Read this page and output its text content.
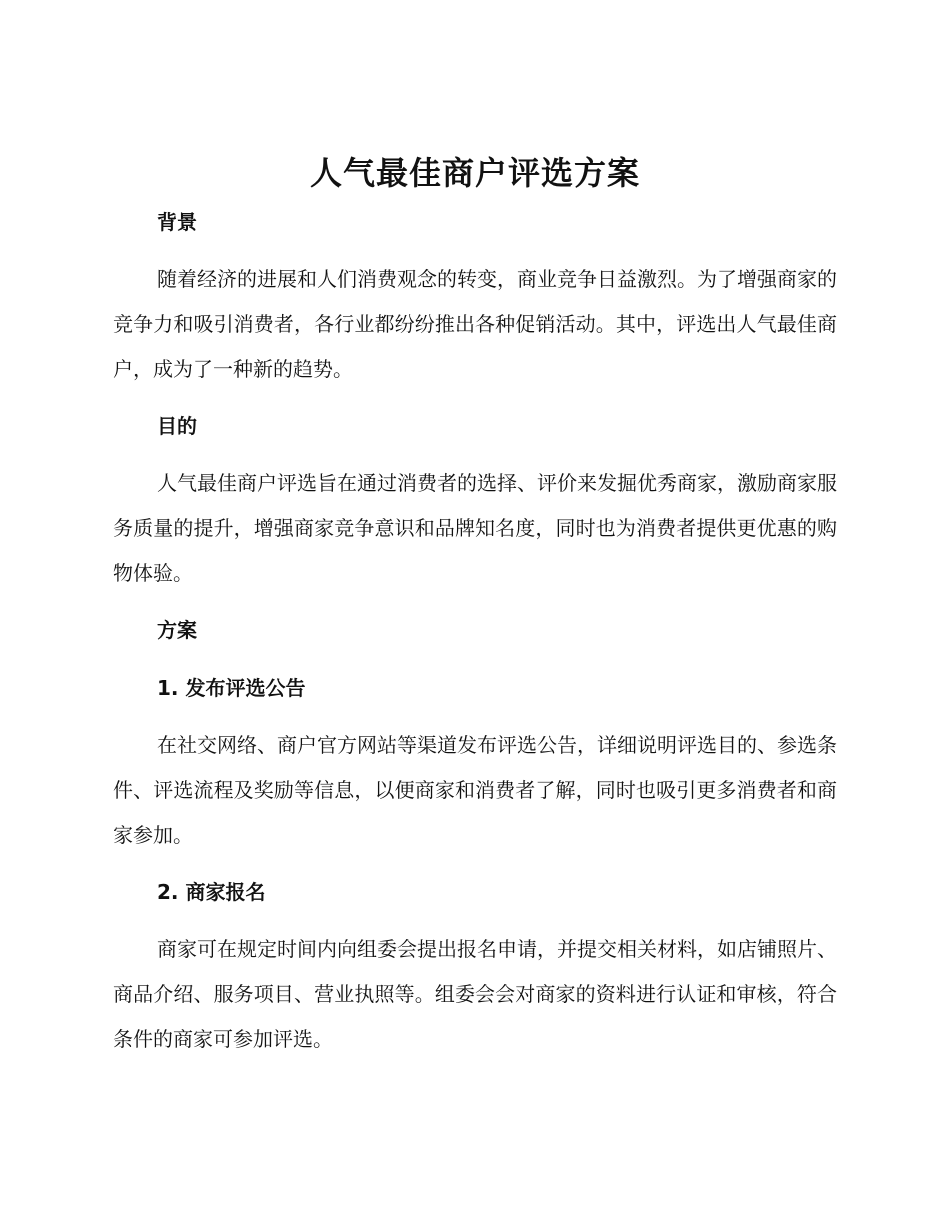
人气最佳商户评选方案
背景

随着经济的进展和人们消费观念的转变，商业竞争日益激烈。为了增强商家的竞争力和吸引消费者，各行业都纷纷推出各种促销活动。其中，评选出人气最佳商户，成为了一种新的趋势。

目的

人气最佳商户评选旨在通过消费者的选择、评价来发掘优秀商家，激励商家服务质量的提升，增强商家竞争意识和品牌知名度，同时也为消费者提供更优惠的购物体验。

方案
1. 发布评选公告

在社交网络、商户官方网站等渠道发布评选公告，详细说明评选目的、参选条件、评选流程及奖励等信息，以便商家和消费者了解，同时也吸引更多消费者和商家参加。

2. 商家报名

商家可在规定时间内向组委会提出报名申请，并提交相关材料，如店铺照片、商品介绍、服务项目、营业执照等。组委会会对商家的资料进行认证和审核，符合条件的商家可参加评选。
